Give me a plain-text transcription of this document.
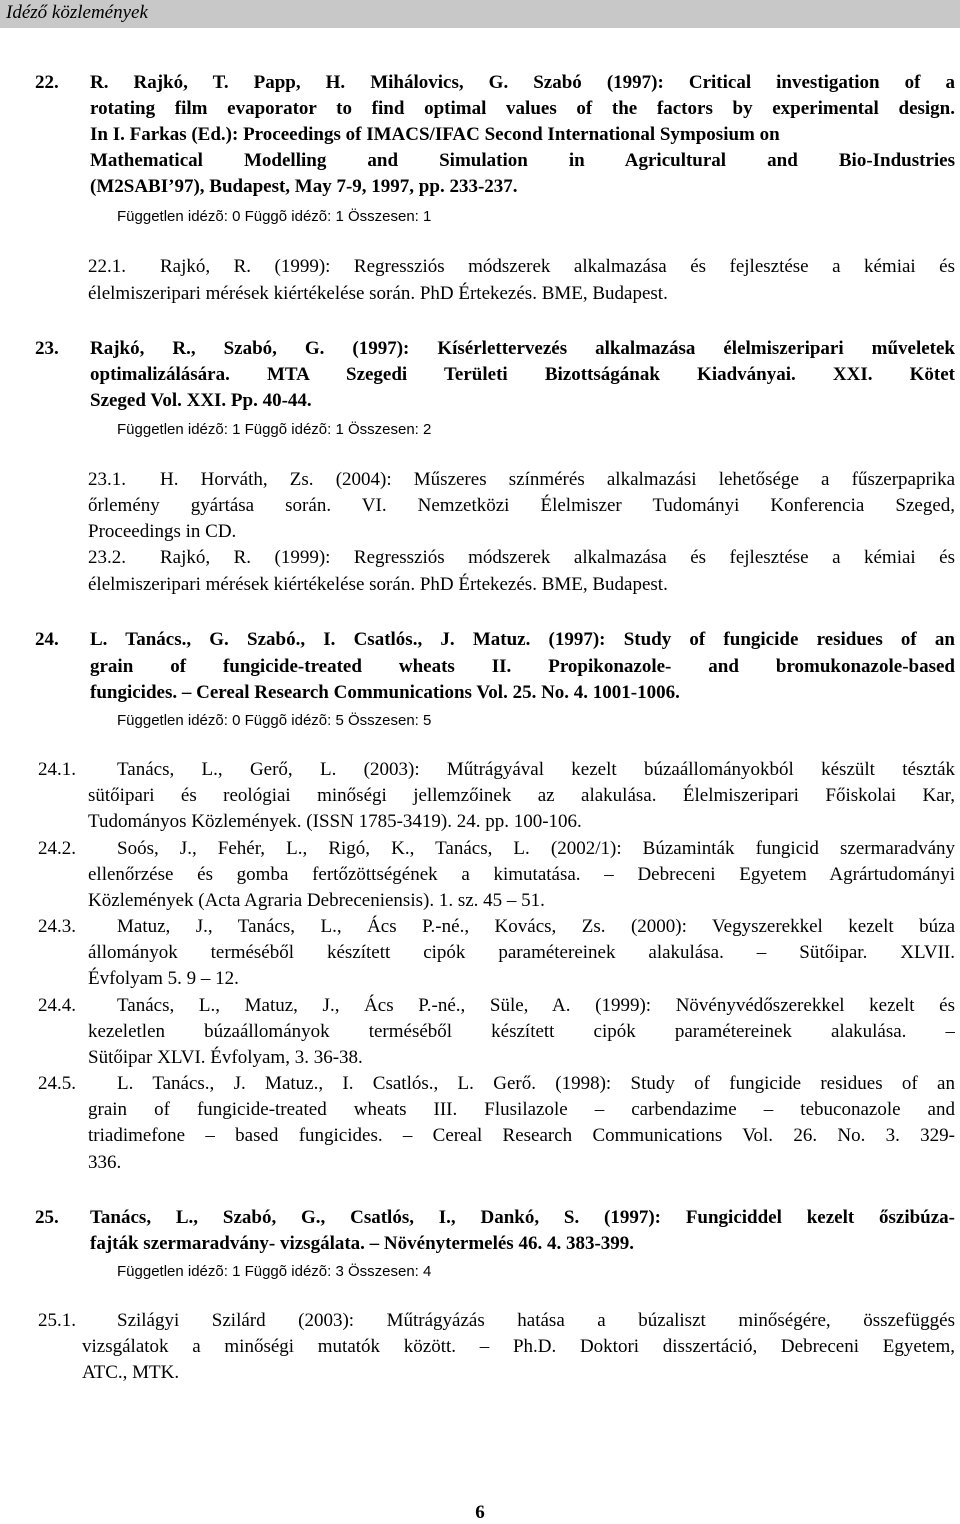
Idéző közlemények
22. R. Rajkó, T. Papp, H. Mihálovics, G. Szabó (1997): Critical investigation of a
rotating film evaporator to find optimal values of the factors by experimental design.
In I. Farkas (Ed.): Proceedings of IMACS/IFAC Second International Symposium on
Mathematical Modelling and Simulation in Agricultural and Bio-Industries
(M2SABI’97), Budapest, May 7-9, 1997, pp. 233-237.
Független idézõ: 0 Függõ idézõ: 1 Összesen: 1
22.1. Rajkó, R. (1999): Regressziós módszerek alkalmazása és fejlesztése a kémiai és
élelmiszeripari mérések kiértékelése során. PhD Értekezés. BME, Budapest.
23. Rajkó, R., Szabó, G. (1997): Kísérlettervezés alkalmazása élelmiszeripari műveletek
optimalizálására. MTA Szegedi Területi Bizottságának Kiadványai. XXI. Kötet
Szeged Vol. XXI. Pp. 40-44.
Független idézõ: 1 Függõ idézõ: 1 Összesen: 2
23.1. H. Horváth, Zs. (2004): Műszeres színmérés alkalmazási lehetősége a fűszerpaprika
őrlemény gyártása során. VI. Nemzetközi Élelmiszer Tudományi Konferencia Szeged,
Proceedings in CD.
23.2. Rajkó, R. (1999): Regressziós módszerek alkalmazása és fejlesztése a kémiai és
élelmiszeripari mérések kiértékelése során. PhD Értekezés. BME, Budapest.
24. L. Tanács., G. Szabó., I. Csatlós., J. Matuz. (1997): Study of fungicide residues of an
grain of fungicide-treated wheats II. Propikonazole- and bromukonazole-based
fungicides. – Cereal Research Communications Vol. 25. No. 4. 1001-1006.
Független idézõ: 0 Függõ idézõ: 5 Összesen: 5
24.1. Tanács, L., Gerő, L. (2003): Műtrágyával kezelt búzaállományokból készült tészták
sütőipari és reológiai minőségi jellemzőinek az alakulása. Élelmiszeripari Főiskolai Kar,
Tudományos Közlemények. (ISSN 1785-3419). 24. pp. 100-106.
24.2. Soós, J., Fehér, L., Rigó, K., Tanács, L. (2002/1): Búzaminták fungicid szermaradvány
ellenőrzése és gomba fertőzöttségének a kimutatása. – Debreceni Egyetem Agrártudományi
Közlemények (Acta Agraria Debreceniensis). 1. sz. 45 – 51.
24.3. Matuz, J., Tanács, L., Ács P.-né., Kovács, Zs. (2000): Vegyszerekkel kezelt búza
állományok terméséből készített cipók paramétereinek alakulása. – Sütőipar. XLVII.
Évfolyam 5. 9 – 12.
24.4. Tanács, L., Matuz, J., Ács P.-né., Süle, A. (1999): Növényvédőszerekkel kezelt és
kezeletlen búzaállományok terméséből készített cipók paramétereinek alakulása. –
Sütőipar XLVI. Évfolyam, 3. 36-38.
24.5. L. Tanács., J. Matuz., I. Csatlós., L. Gerő. (1998): Study of fungicide residues of an
grain of fungicide-treated wheats III. Flusilazole – carbendazime – tebuconazole and
triadimefone – based fungicides. – Cereal Research Communications Vol. 26. No. 3. 329-
336.
25. Tanács, L., Szabó, G., Csatlós, I., Dankó, S. (1997): Fungiciddel kezelt őszibúza-
fajták szermaradvány- vizsgálata. – Növénytermelés 46. 4. 383-399.
Független idézõ: 1 Függõ idézõ: 3 Összesen: 4
25.1. Szilágyi Szilárd (2003): Műtrágyázás hatása a búzaliszt minőségére, összefüggés
vizsgálatok a minőségi mutatók között. – Ph.D. Doktori disszertáció, Debreceni Egyetem,
ATC., MTK.
6
